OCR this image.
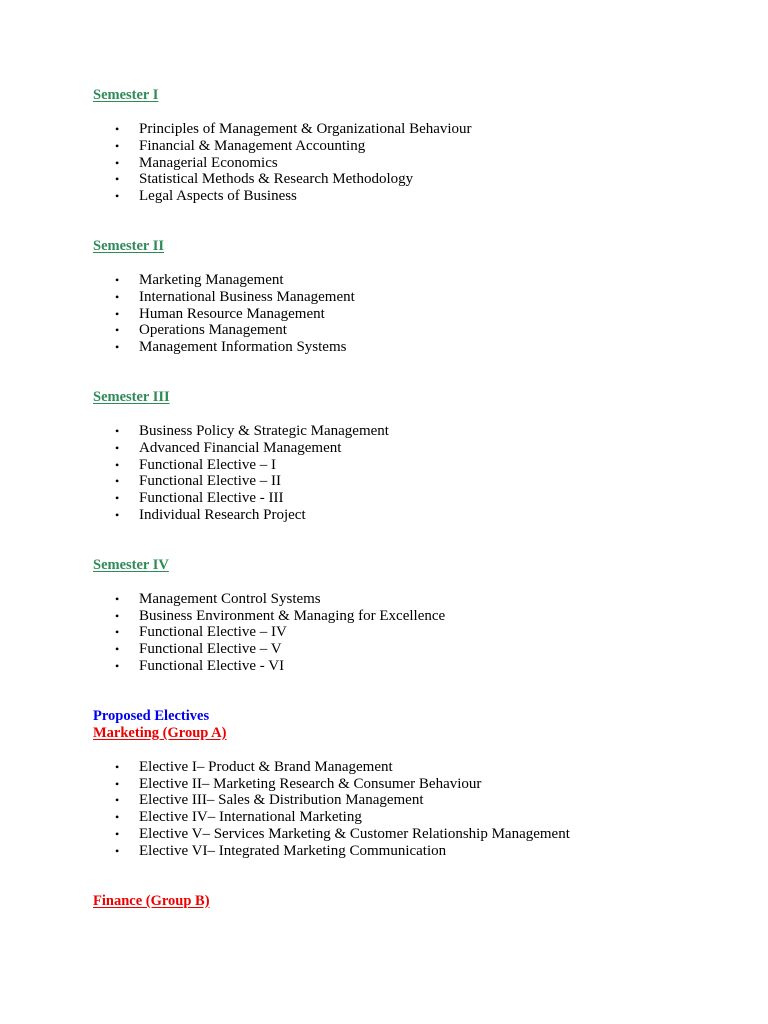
Semester I
• Principles of Management & Organizational Behaviour
• Financial & Management Accounting
• Managerial Economics
• Statistical Methods & Research Methodology
• Legal Aspects of Business
Semester II
• Marketing Management
• International Business Management
• Human Resource Management
• Operations Management
• Management Information Systems
Semester III
• Business Policy & Strategic Management
• Advanced Financial Management
• Functional Elective – I
• Functional Elective – II
• Functional Elective - III
• Individual Research Project
Semester IV
• Management Control Systems
• Business Environment & Managing for Excellence
• Functional Elective – IV
• Functional Elective – V
• Functional Elective - VI
Proposed Electives
Marketing (Group A)
• Elective I– Product & Brand Management
• Elective II– Marketing Research & Consumer Behaviour
• Elective III– Sales & Distribution Management
• Elective IV– International Marketing
• Elective V– Services Marketing & Customer Relationship Management
• Elective VI– Integrated Marketing Communication
Finance (Group B)
